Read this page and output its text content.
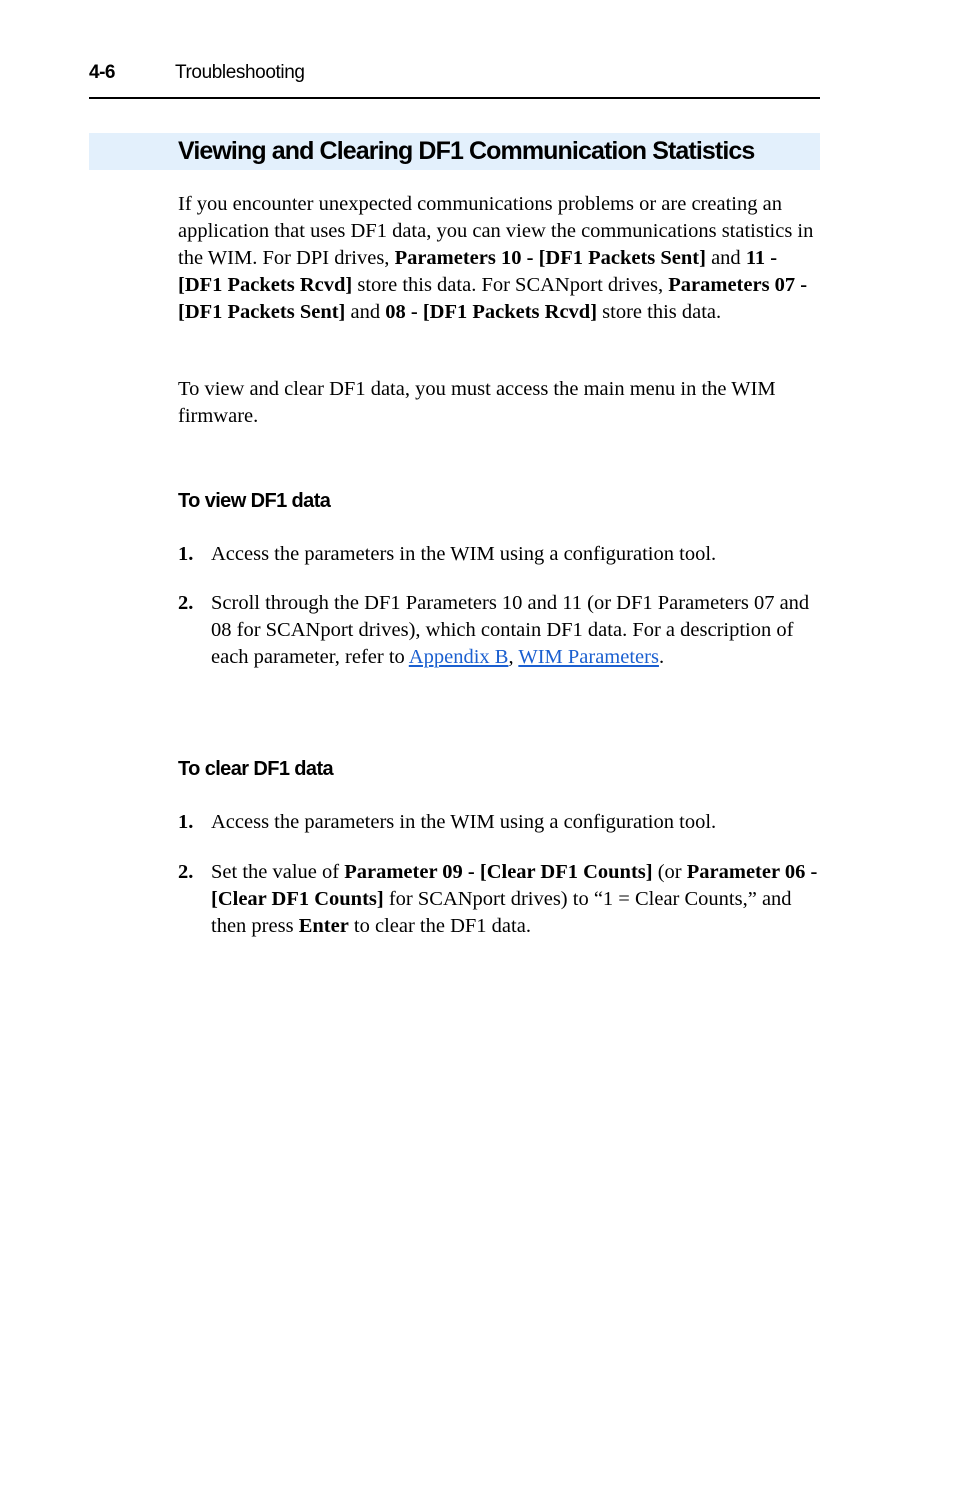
4-6	Troubleshooting
Viewing and Clearing DF1 Communication Statistics

If you encounter unexpected communications problems or are creating an application that uses DF1 data, you can view the communications statistics in the WIM. For DPI drives, Parameters 10 - [DF1 Packets Sent] and 11 - [DF1 Packets Rcvd] store this data. For SCANport drives, Parameters 07 - [DF1 Packets Sent] and 08 - [DF1 Packets Rcvd] store this data.

To view and clear DF1 data, you must access the main menu in the WIM firmware.

To view DF1 data
1. Access the parameters in the WIM using a configuration tool.
2. Scroll through the DF1 Parameters 10 and 11 (or DF1 Parameters 07 and 08 for SCANport drives), which contain DF1 data. For a description of each parameter, refer to Appendix B, WIM Parameters.
To clear DF1 data
1. Access the parameters in the WIM using a configuration tool.
2. Set the value of Parameter 09 - [Clear DF1 Counts] (or Parameter 06 - [Clear DF1 Counts] for SCANport drives) to “1 = Clear Counts,” and then press Enter to clear the DF1 data.
